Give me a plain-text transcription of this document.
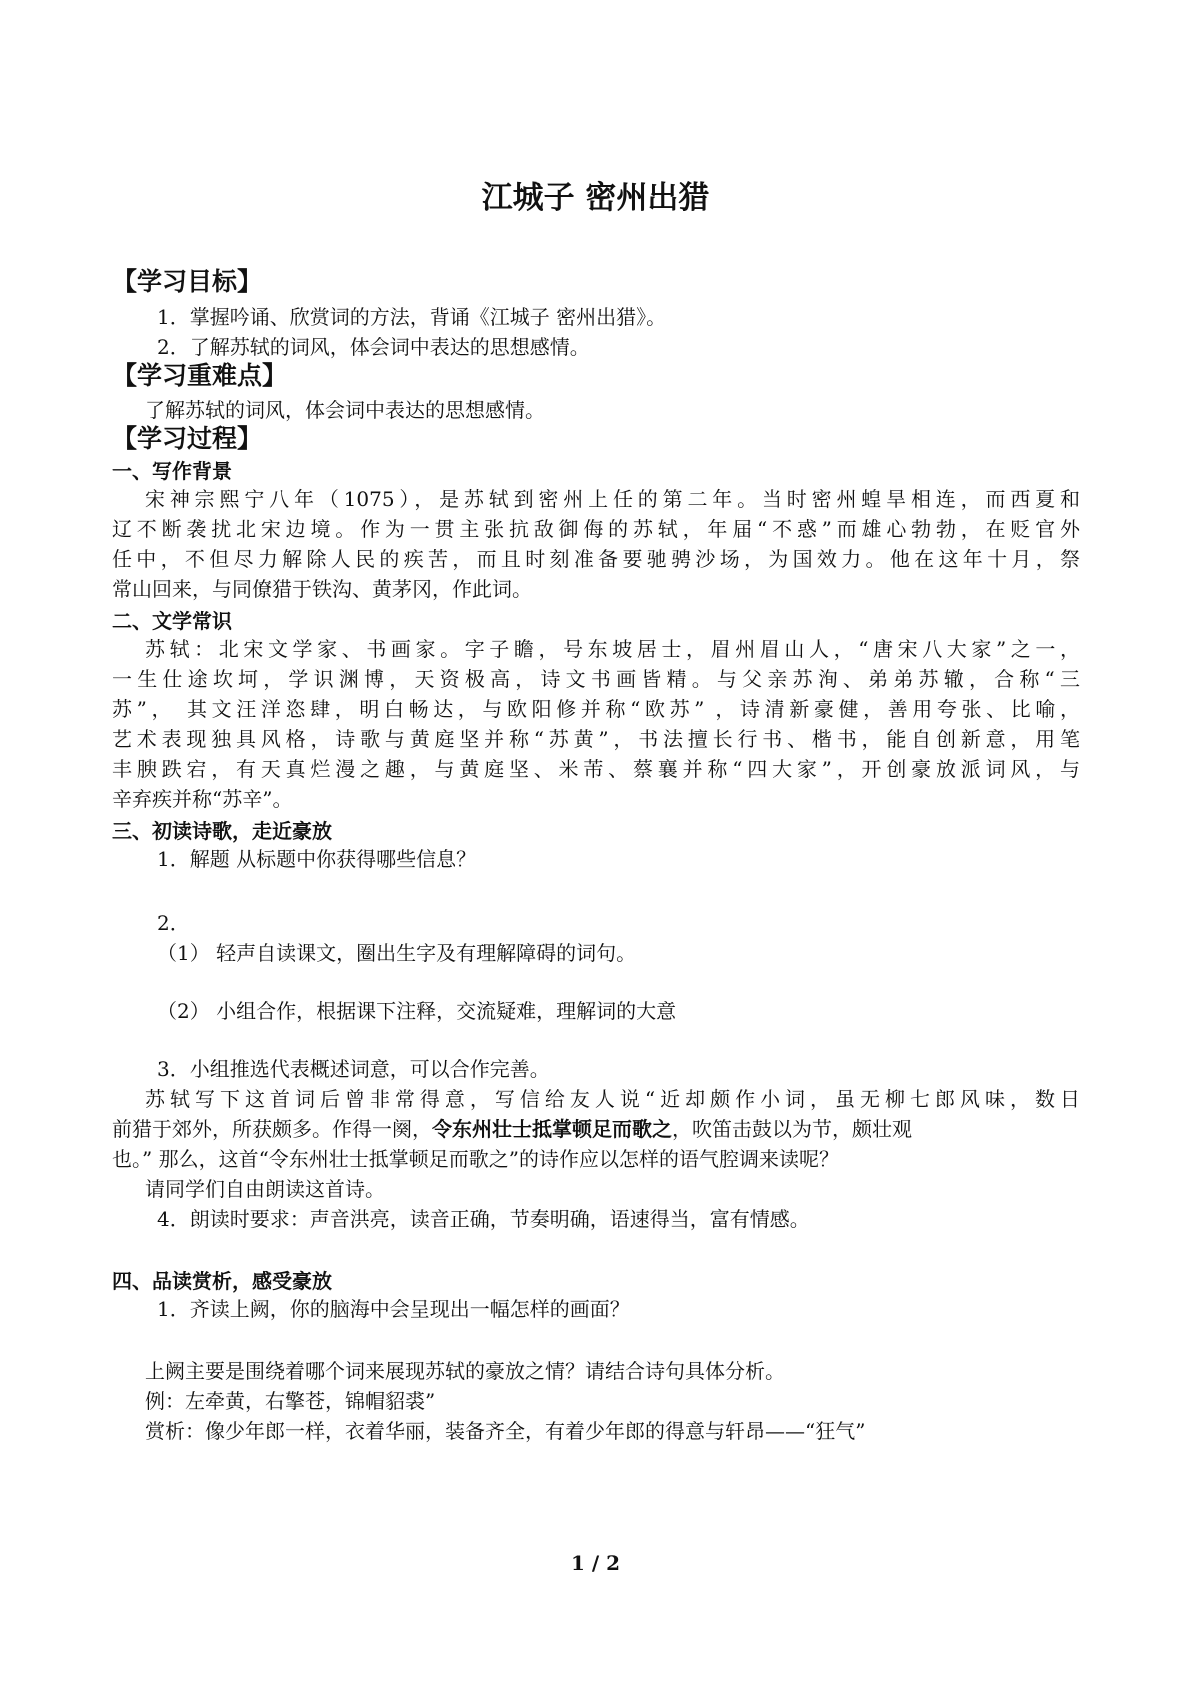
江城子 密州出猎
【学习目标】
1．掌握吟诵、欣赏词的方法，背诵《江城子 密州出猎》。
2．了解苏轼的词风，体会词中表达的思想感情。
【学习重难点】
了解苏轼的词风，体会词中表达的思想感情。
【学习过程】
一、写作背景
宋神宗熙宁八年（1075），是苏轼到密州上任的第二年。当时密州蝗旱相连，而西夏和
辽不断袭扰北宋边境。作为一贯主张抗敌御侮的苏轼，年届“不惑”而雄心勃勃，在贬官外
任中，不但尽力解除人民的疾苦，而且时刻准备要驰骋沙场，为国效力。他在这年十月，祭
常山回来，与同僚猎于铁沟、黄茅冈，作此词。
二、文学常识
苏轼：北宋文学家、书画家。字子瞻，号东坡居士，眉州眉山人，“唐宋八大家”之一，
一生仕途坎坷，学识渊博，天资极高，诗文书画皆精。与父亲苏洵、弟弟苏辙，合称“三
苏”， 其文汪洋恣肆，明白畅达，与欧阳修并称“欧苏” ，诗清新豪健，善用夸张、比喻，
艺术表现独具风格，诗歌与黄庭坚并称“苏黄”，书法擅长行书、楷书，能自创新意，用笔
丰腴跌宕，有天真烂漫之趣，与黄庭坚、米芾、蔡襄并称“四大家”，开创豪放派词风，与
辛弃疾并称“苏辛”。
三、初读诗歌，走近豪放
1．解题 从标题中你获得哪些信息？
2．
（1） 轻声自读课文，圈出生字及有理解障碍的词句。
（2） 小组合作，根据课下注释，交流疑难，理解词的大意
3．小组推选代表概述词意，可以合作完善。
苏轼写下这首词后曾非常得意，写信给友人说“近却颇作小词，虽无柳七郎风味，数日
前猎于郊外，所获颇多。作得一阕，令东州壮士抵掌顿足而歌之，吹笛击鼓以为节，颇壮观
也。” 那么，这首“令东州壮士抵掌顿足而歌之”的诗作应以怎样的语气腔调来读呢？
请同学们自由朗读这首诗。
4．朗读时要求：声音洪亮，读音正确，节奏明确，语速得当，富有情感。
四、品读赏析，感受豪放
1．齐读上阙，你的脑海中会呈现出一幅怎样的画面？
上阙主要是围绕着哪个词来展现苏轼的豪放之情？请结合诗句具体分析。
例：左牵黄，右擎苍，锦帽貂裘”
赏析：像少年郎一样，衣着华丽，装备齐全，有着少年郎的得意与轩昂——“狂气”
1 / 2
